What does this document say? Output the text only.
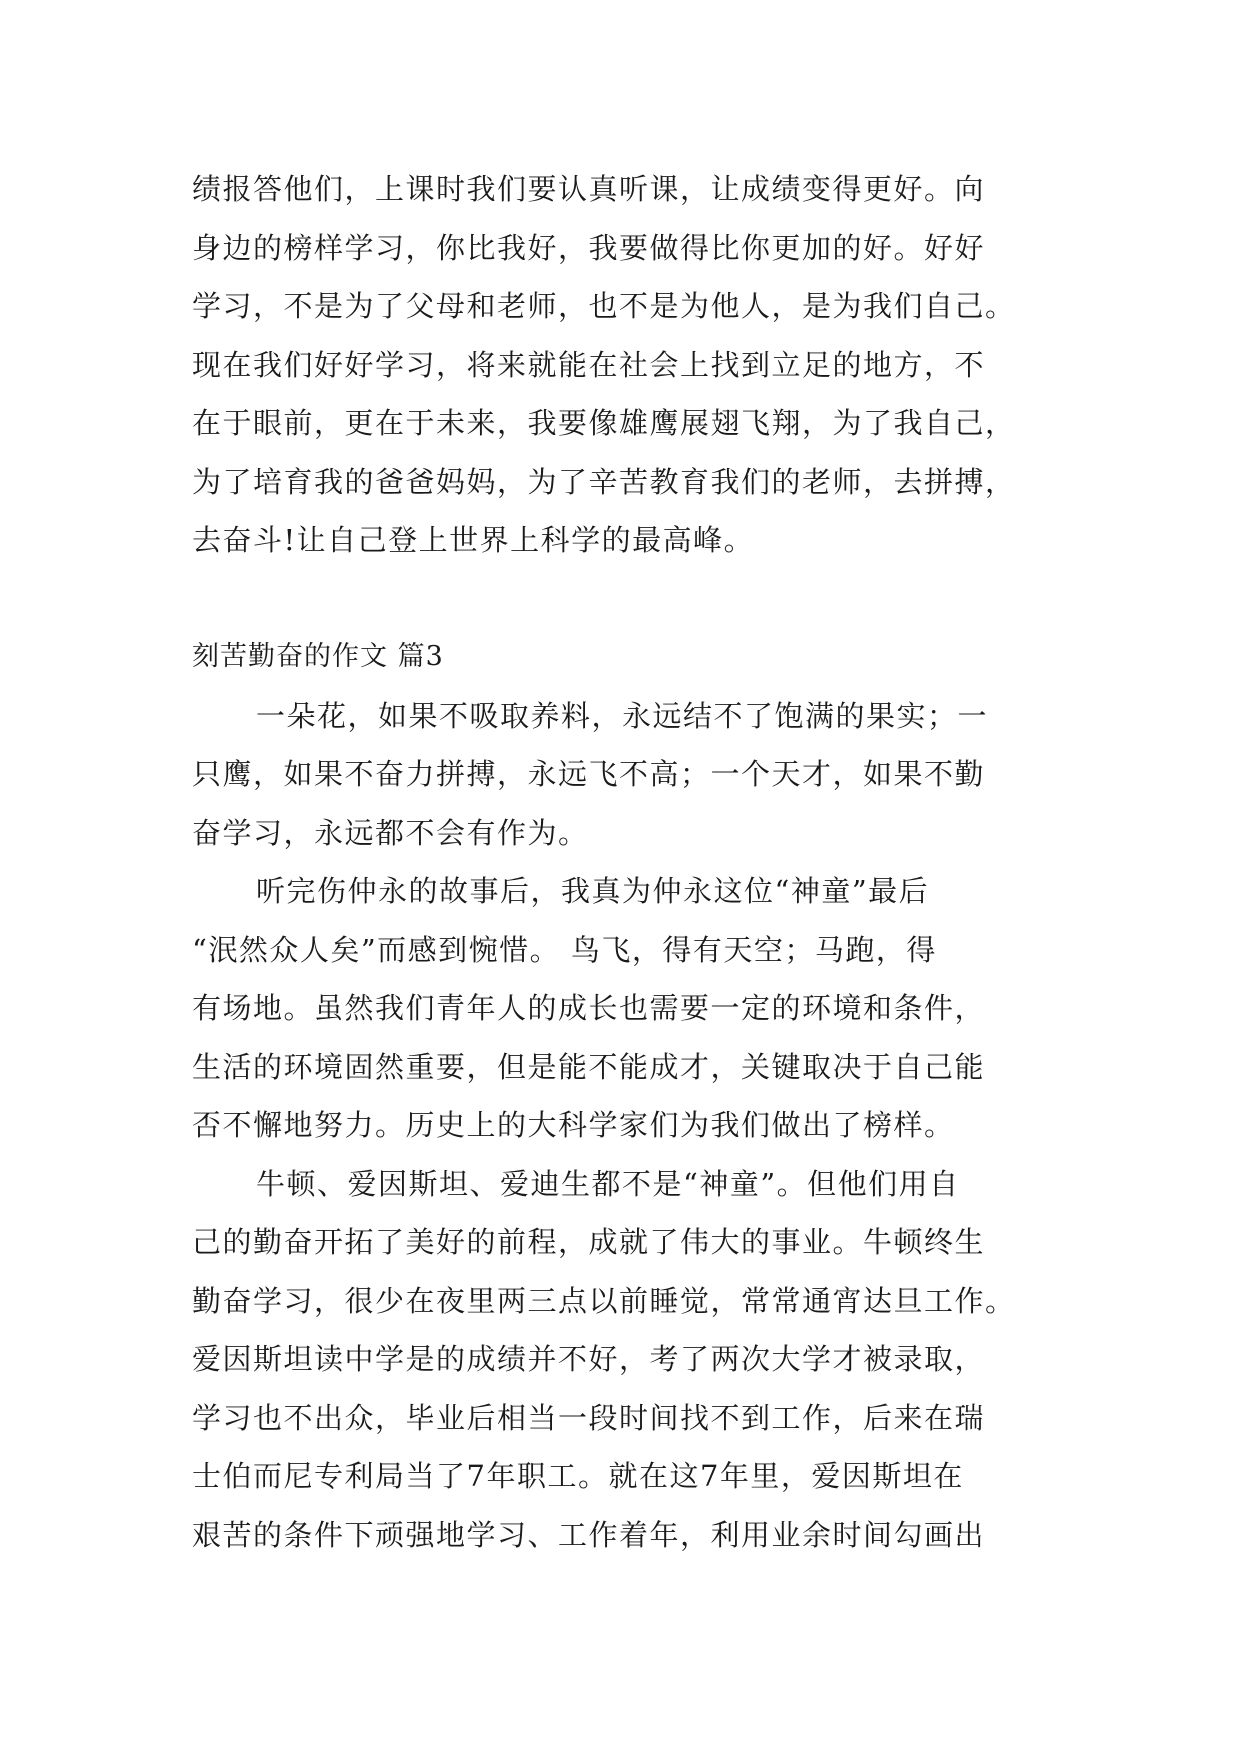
绩报答他们，上课时我们要认真听课，让成绩变得更好。向
身边的榜样学习，你比我好，我要做得比你更加的好。好好
学习，不是为了父母和老师，也不是为他人，是为我们自己。
现在我们好好学习，将来就能在社会上找到立足的地方，不
在于眼前，更在于未来，我要像雄鹰展翅飞翔，为了我自己，
为了培育我的爸爸妈妈，为了辛苦教育我们的老师，去拼搏，
去奋斗!让自己登上世界上科学的最高峰。
刻苦勤奋的作文 篇3
一朵花，如果不吸取养料，永远结不了饱满的果实；一
只鹰，如果不奋力拼搏，永远飞不高；一个天才，如果不勤
奋学习，永远都不会有作为。
听完伤仲永的故事后，我真为仲永这位“神童”最后
“泯然众人矣”而感到惋惜。 鸟飞，得有天空；马跑，得
有场地。虽然我们青年人的成长也需要一定的环境和条件，
生活的环境固然重要，但是能不能成才，关键取决于自己能
否不懈地努力。历史上的大科学家们为我们做出了榜样。
牛顿、爱因斯坦、爱迪生都不是“神童”。但他们用自
己的勤奋开拓了美好的前程，成就了伟大的事业。牛顿终生
勤奋学习，很少在夜里两三点以前睡觉，常常通宵达旦工作。
爱因斯坦读中学是的成绩并不好，考了两次大学才被录取，
学习也不出众，毕业后相当一段时间找不到工作，后来在瑞
士伯而尼专利局当了7年职工。就在这7年里，爱因斯坦在
艰苦的条件下顽强地学习、工作着年，利用业余时间勾画出
